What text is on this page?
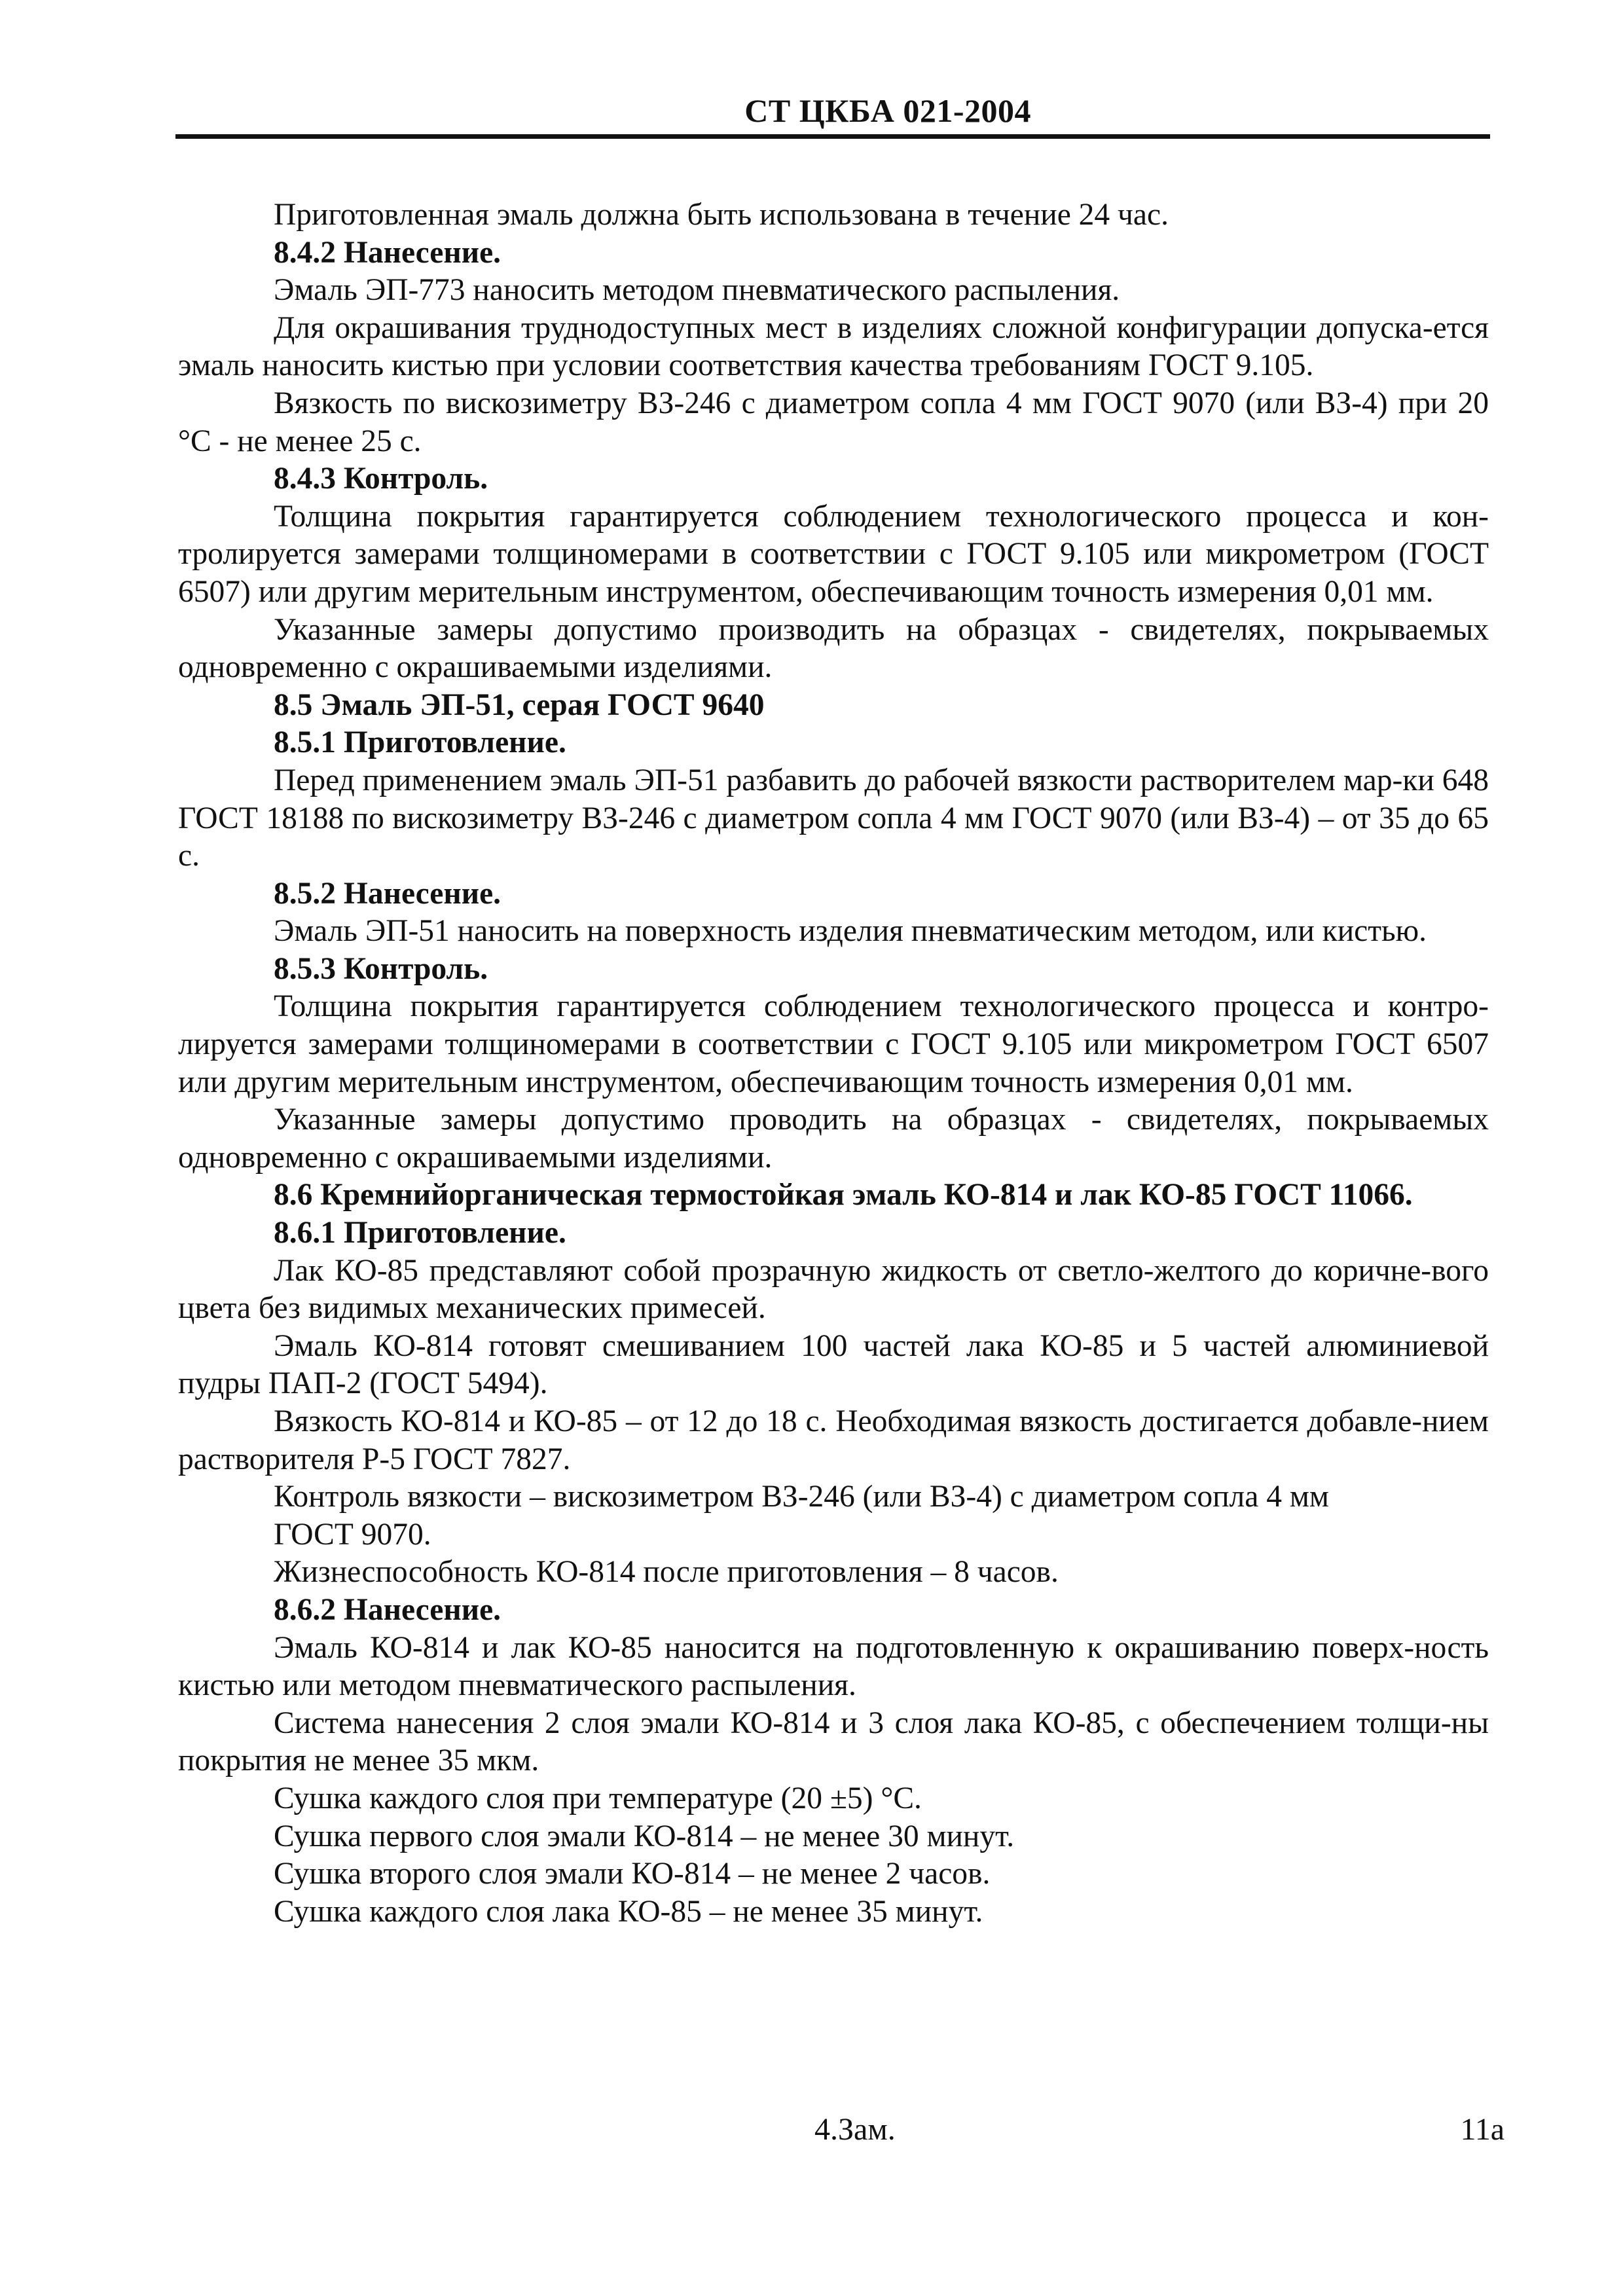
СТ ЦКБА 021-2004

Приготовленная эмаль должна быть использована в течение 24 час.

8.4.2 Нанесение.

Эмаль ЭП-773 наносить методом пневматического распыления.

Для окрашивания труднодоступных мест в изделиях сложной конфигурации допуска-ется эмаль наносить кистью при условии соответствия качества требованиям ГОСТ 9.105.

Вязкость по вискозиметру ВЗ-246 с диаметром сопла 4 мм ГОСТ 9070 (или ВЗ-4) при 20 °С - не менее 25 с.

8.4.3 Контроль.

Толщина покрытия гарантируется соблюдением технологического процесса и кон-тролируется замерами толщиномерами в соответствии с ГОСТ 9.105 или микрометром (ГОСТ 6507) или другим мерительным инструментом, обеспечивающим точность измерения 0,01 мм.

Указанные замеры допустимо производить на образцах - свидетелях, покрываемых одновременно с окрашиваемыми изделиями.

8.5 Эмаль ЭП-51, серая ГОСТ 9640

8.5.1 Приготовление.

Перед применением эмаль ЭП-51 разбавить до рабочей вязкости растворителем мар-ки 648 ГОСТ 18188 по вискозиметру ВЗ-246 с диаметром сопла 4 мм ГОСТ 9070 (или ВЗ-4) – от 35 до 65 с.

8.5.2 Нанесение.

Эмаль ЭП-51 наносить на поверхность изделия пневматическим методом, или кистью.

8.5.3 Контроль.

Толщина покрытия гарантируется соблюдением технологического процесса и контро-лируется замерами толщиномерами в соответствии с ГОСТ 9.105 или микрометром ГОСТ 6507 или другим мерительным инструментом, обеспечивающим точность измерения 0,01 мм.

Указанные замеры допустимо проводить на образцах - свидетелях, покрываемых одновременно с окрашиваемыми изделиями.

8.6 Кремнийорганическая термостойкая эмаль КО-814 и лак КО-85 ГОСТ 11066.

8.6.1 Приготовление.

Лак КО-85 представляют собой прозрачную жидкость от светло-желтого до коричне-вого цвета без видимых механических примесей.

Эмаль КО-814 готовят смешиванием 100 частей лака КО-85 и 5 частей алюминиевой пудры ПАП-2 (ГОСТ 5494).

Вязкость КО-814 и КО-85 – от 12 до 18 с. Необходимая вязкость достигается добавле-нием растворителя Р-5 ГОСТ 7827.

Контроль вязкости – вискозиметром ВЗ-246 (или ВЗ-4) с диаметром сопла 4 мм

ГОСТ 9070.

Жизнеспособность КО-814 после приготовления – 8 часов.

8.6.2 Нанесение.

Эмаль КО-814 и лак КО-85 наносится на подготовленную к окрашиванию поверх-ность кистью или методом пневматического распыления.

Система нанесения 2 слоя эмали КО-814 и 3 слоя лака КО-85, с обеспечением толщи-ны покрытия не менее 35 мкм.

Сушка каждого слоя при температуре (20 ±5) °С.

Сушка первого слоя эмали КО-814 – не менее 30 минут.

Сушка второго слоя эмали КО-814 – не менее 2 часов.

Сушка каждого слоя лака КО-85 – не менее 35 минут.

4.Зам.	11а
